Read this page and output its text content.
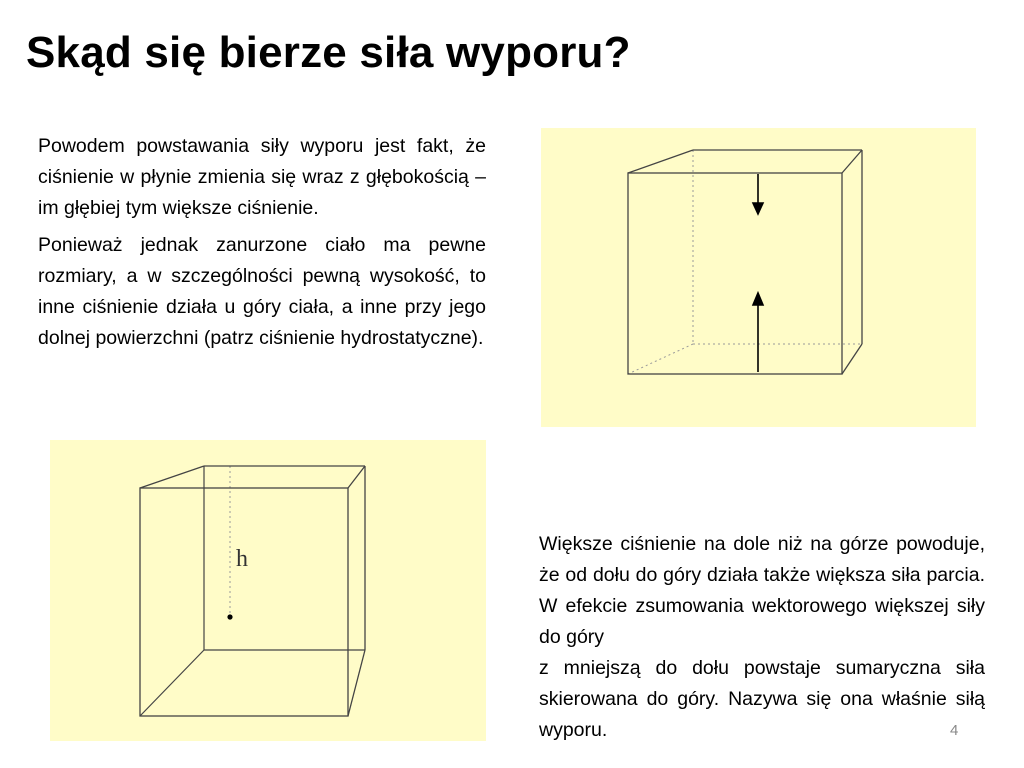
Skąd się bierze siła wyporu?

Powodem powstawania siły wyporu jest fakt, że ciśnienie w płynie zmienia się wraz z głębokością – im głębiej tym większe ciśnienie.

Ponieważ jednak zanurzone ciało ma pewne rozmiary, a w szczególności pewną wysokość, to inne ciśnienie działa u góry ciała, a inne przy jego dolnej powierzchni (patrz ciśnienie hydrostatyczne).

h

Większe ciśnienie na dole niż na górze powoduje, że od dołu do góry działa także większa siła parcia. W efekcie zsumowania wektorowego większej siły do góry

z mniejszą do dołu powstaje sumaryczna siła skierowana do góry. Nazywa się ona właśnie siłą wyporu.	4
